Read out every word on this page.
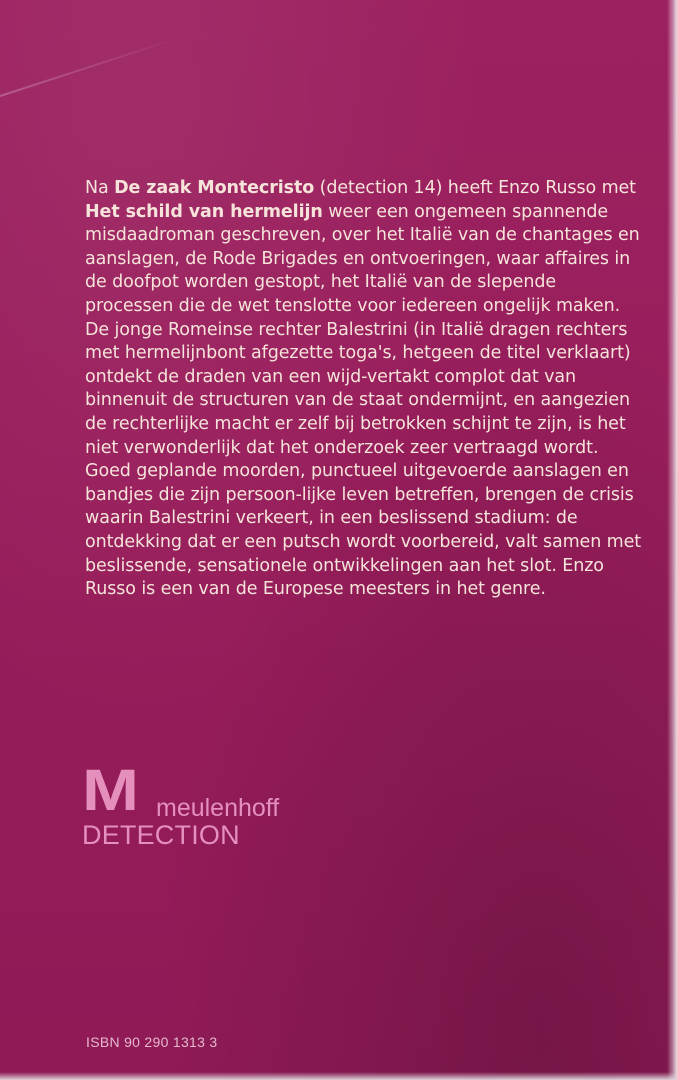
Na De zaak Montecristo (detection 14) heeft Enzo Russo met Het schild van hermelijn weer een ongemeen spannende misdaadroman geschreven, over het Italië van de chantages en aanslagen, de Rode Brigades en ontvoeringen, waar affaires in de doofpot worden gestopt, het Italië van de slepende processen die de wet tenslotte voor iedereen ongelijk maken.

De jonge Romeinse rechter Balestrini (in Italië dragen rechters met hermelijnbont afgezette toga's, hetgeen de titel verklaart) ontdekt de draden van een wijd-vertakt complot dat van binnenuit de structuren van de staat ondermijnt, en aangezien de rechterlijke macht er zelf bij betrokken schijnt te zijn, is het niet verwonderlijk dat het onderzoek zeer vertraagd wordt. Goed geplande moorden, punctueel uitgevoerde aanslagen en bandjes die zijn persoon-lijke leven betreffen, brengen de crisis waarin Balestrini verkeert, in een beslissend stadium: de ontdekking dat er een putsch wordt voorbereid, valt samen met beslissende, sensationele ontwikkelingen aan het slot. Enzo Russo is een van de Europese meesters in het genre.

M meulenhoff
DETECTION
ISBN 90 290 1313 3
